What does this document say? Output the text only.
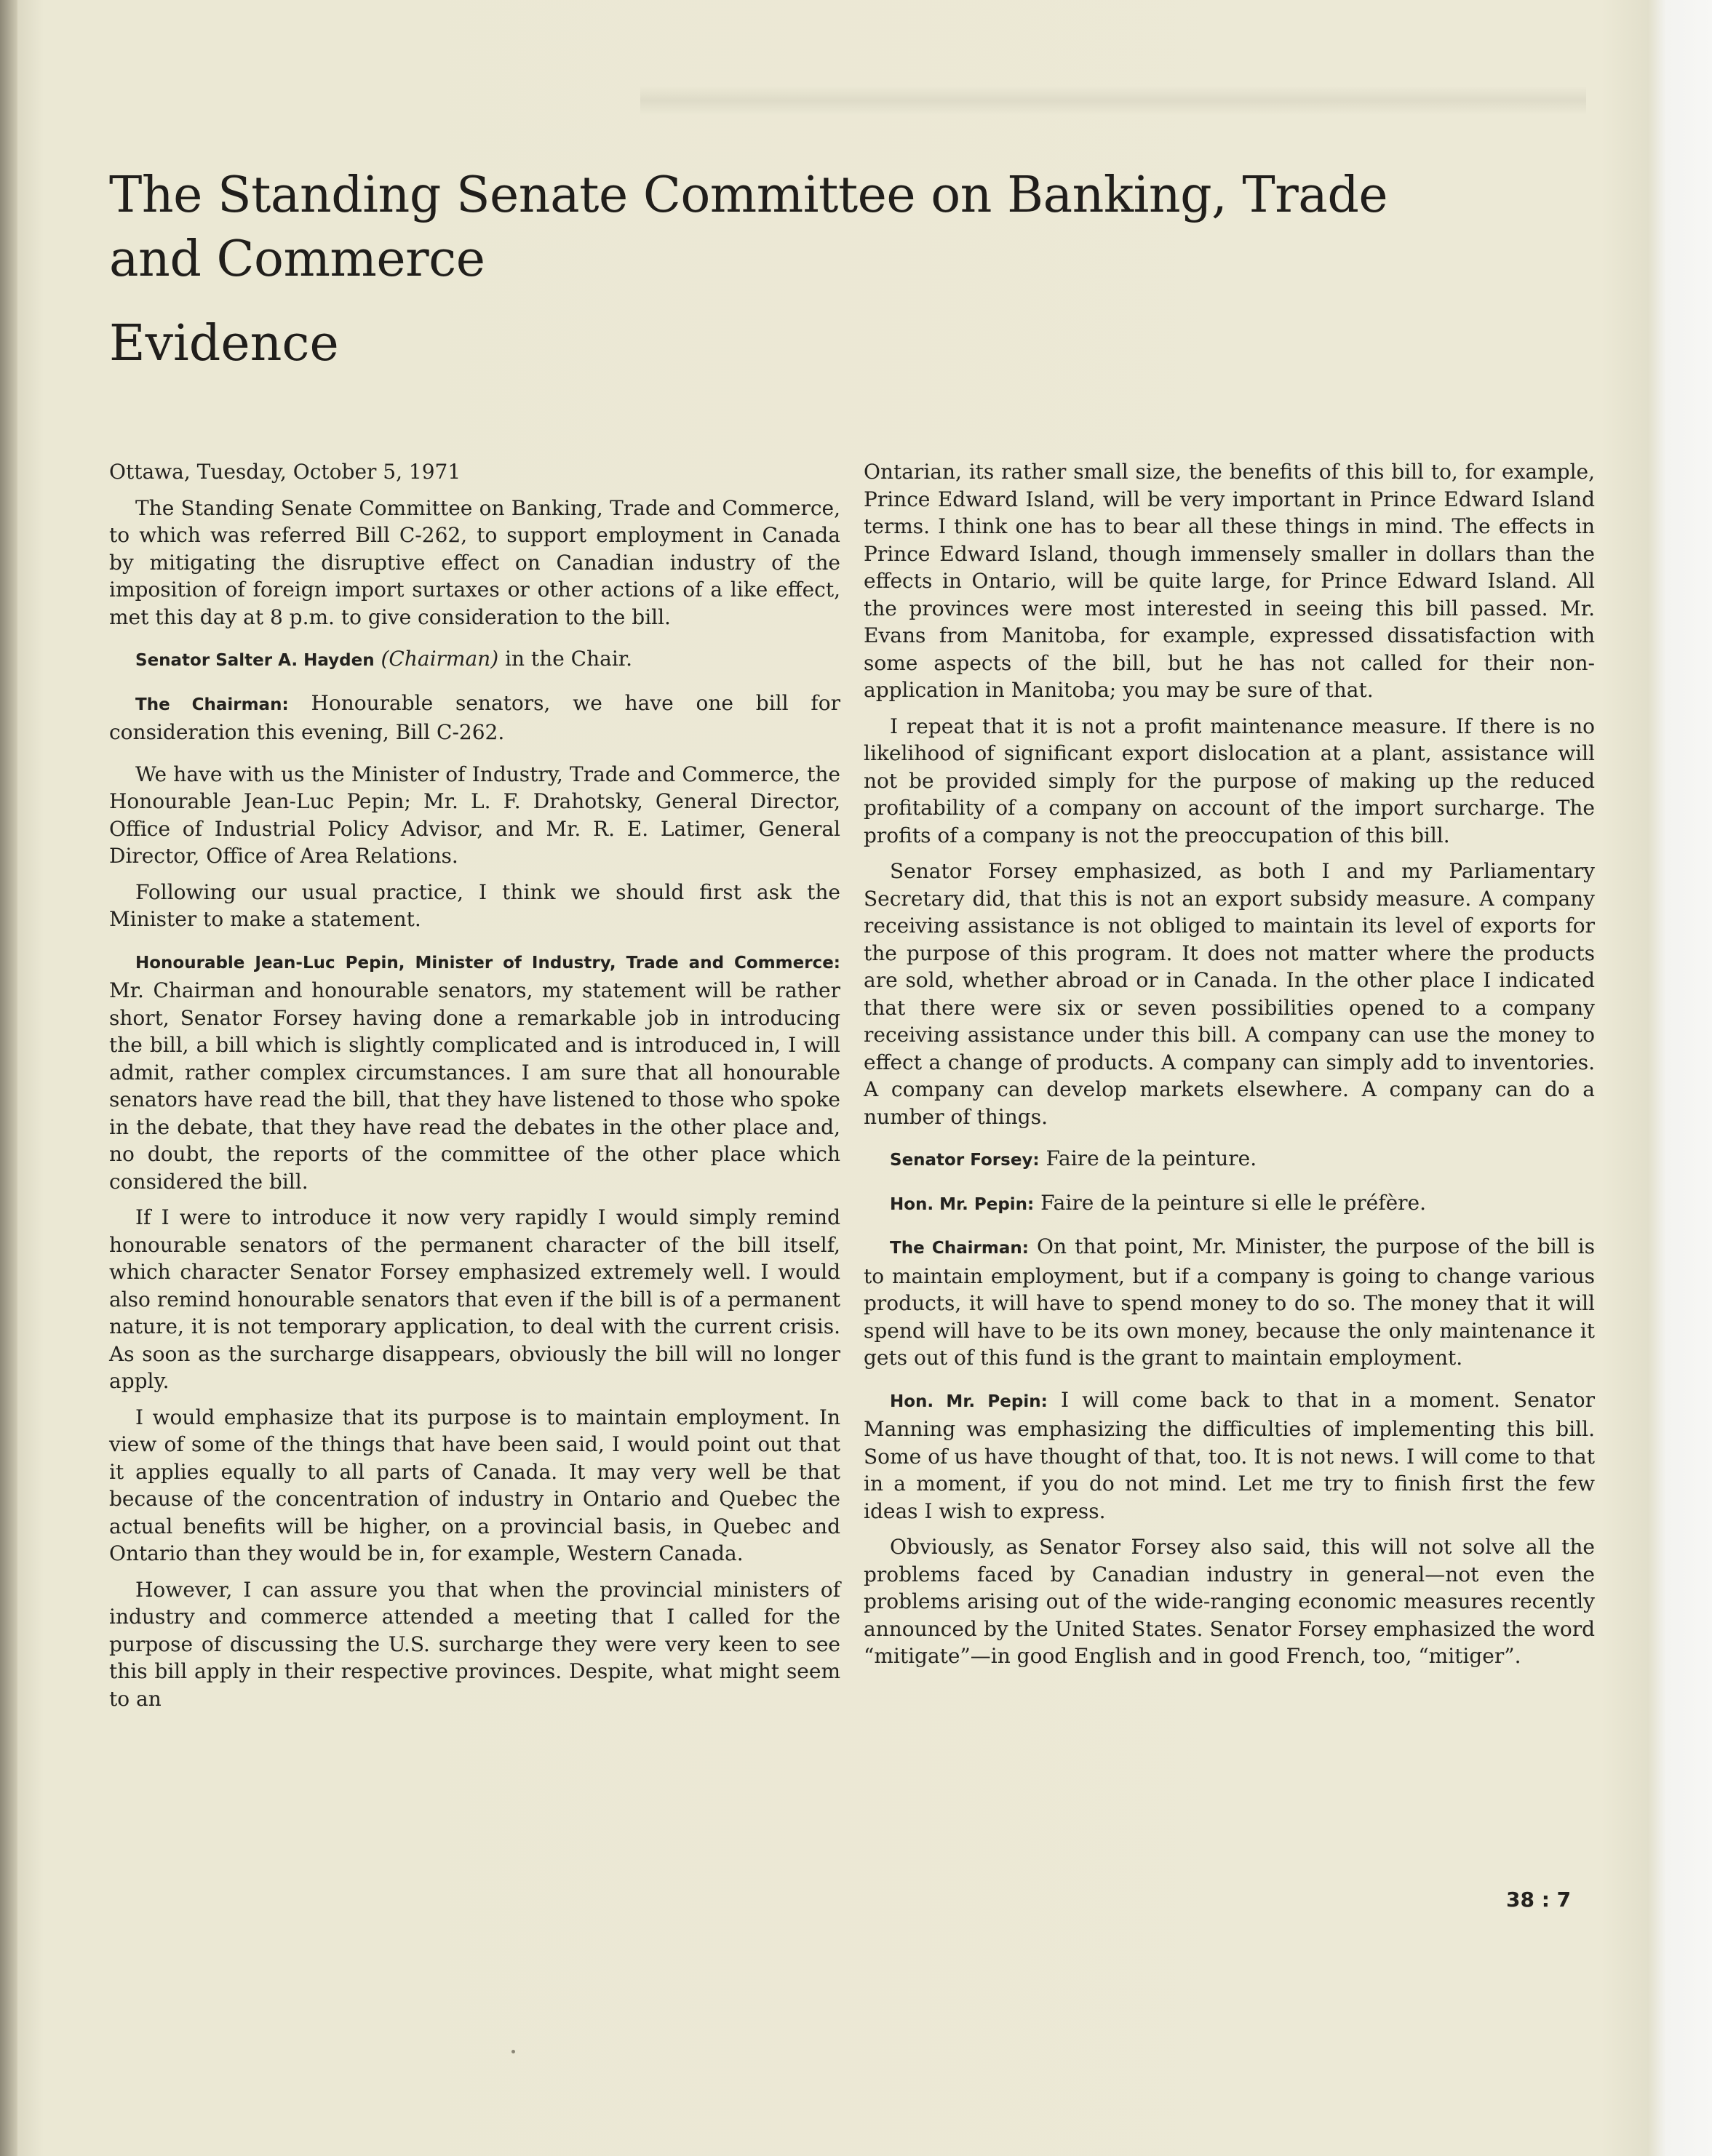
The Standing Senate Committee on Banking, Trade and Commerce
Evidence

Ottawa, Tuesday, October 5, 1971

The Standing Senate Committee on Banking, Trade and Commerce, to which was referred Bill C-262, to support employment in Canada by mitigating the disruptive effect on Canadian industry of the imposition of foreign import surtaxes or other actions of a like effect, met this day at 8 p.m. to give consideration to the bill.

Senator Salter A. Hayden (Chairman) in the Chair.

The Chairman: Honourable senators, we have one bill for consideration this evening, Bill C-262.

We have with us the Minister of Industry, Trade and Commerce, the Honourable Jean-Luc Pepin; Mr. L. F. Drahotsky, General Director, Office of Industrial Policy Advisor, and Mr. R. E. Latimer, General Director, Office of Area Relations.

Following our usual practice, I think we should first ask the Minister to make a statement.

Honourable Jean-Luc Pepin, Minister of Industry, Trade and Commerce: Mr. Chairman and honourable senators, my statement will be rather short, Senator Forsey having done a remarkable job in introducing the bill, a bill which is slightly complicated and is introduced in, I will admit, rather complex circumstances. I am sure that all honourable senators have read the bill, that they have listened to those who spoke in the debate, that they have read the debates in the other place and, no doubt, the reports of the committee of the other place which considered the bill.

If I were to introduce it now very rapidly I would simply remind honourable senators of the permanent character of the bill itself, which character Senator Forsey emphasized extremely well. I would also remind honourable senators that even if the bill is of a permanent nature, it is not temporary application, to deal with the current crisis. As soon as the surcharge disappears, obviously the bill will no longer apply.

I would emphasize that its purpose is to maintain employment. In view of some of the things that have been said, I would point out that it applies equally to all parts of Canada. It may very well be that because of the concentration of industry in Ontario and Quebec the actual benefits will be higher, on a provincial basis, in Quebec and Ontario than they would be in, for example, Western Canada.

However, I can assure you that when the provincial ministers of industry and commerce attended a meeting that I called for the purpose of discussing the U.S. surcharge they were very keen to see this bill apply in their respective provinces. Despite, what might seem to an

Ontarian, its rather small size, the benefits of this bill to, for example, Prince Edward Island, will be very important in Prince Edward Island terms. I think one has to bear all these things in mind. The effects in Prince Edward Island, though immensely smaller in dollars than the effects in Ontario, will be quite large, for Prince Edward Island. All the provinces were most interested in seeing this bill passed. Mr. Evans from Manitoba, for example, expressed dissatisfaction with some aspects of the bill, but he has not called for their non-application in Manitoba; you may be sure of that.

I repeat that it is not a profit maintenance measure. If there is no likelihood of significant export dislocation at a plant, assistance will not be provided simply for the purpose of making up the reduced profitability of a company on account of the import surcharge. The profits of a company is not the preoccupation of this bill.

Senator Forsey emphasized, as both I and my Parliamentary Secretary did, that this is not an export subsidy measure. A company receiving assistance is not obliged to maintain its level of exports for the purpose of this program. It does not matter where the products are sold, whether abroad or in Canada. In the other place I indicated that there were six or seven possibilities opened to a company receiving assistance under this bill. A company can use the money to effect a change of products. A company can simply add to inventories. A company can develop markets elsewhere. A company can do a number of things.

Senator Forsey: Faire de la peinture.

Hon. Mr. Pepin: Faire de la peinture si elle le préfère.

The Chairman: On that point, Mr. Minister, the purpose of the bill is to maintain employment, but if a company is going to change various products, it will have to spend money to do so. The money that it will spend will have to be its own money, because the only maintenance it gets out of this fund is the grant to maintain employment.

Hon. Mr. Pepin: I will come back to that in a moment. Senator Manning was emphasizing the difficulties of implementing this bill. Some of us have thought of that, too. It is not news. I will come to that in a moment, if you do not mind. Let me try to finish first the few ideas I wish to express.

Obviously, as Senator Forsey also said, this will not solve all the problems faced by Canadian industry in general—not even the problems arising out of the wide-ranging economic measures recently announced by the United States. Senator Forsey emphasized the word “mitigate”—in good English and in good French, too, “mitiger”.

38 : 7
